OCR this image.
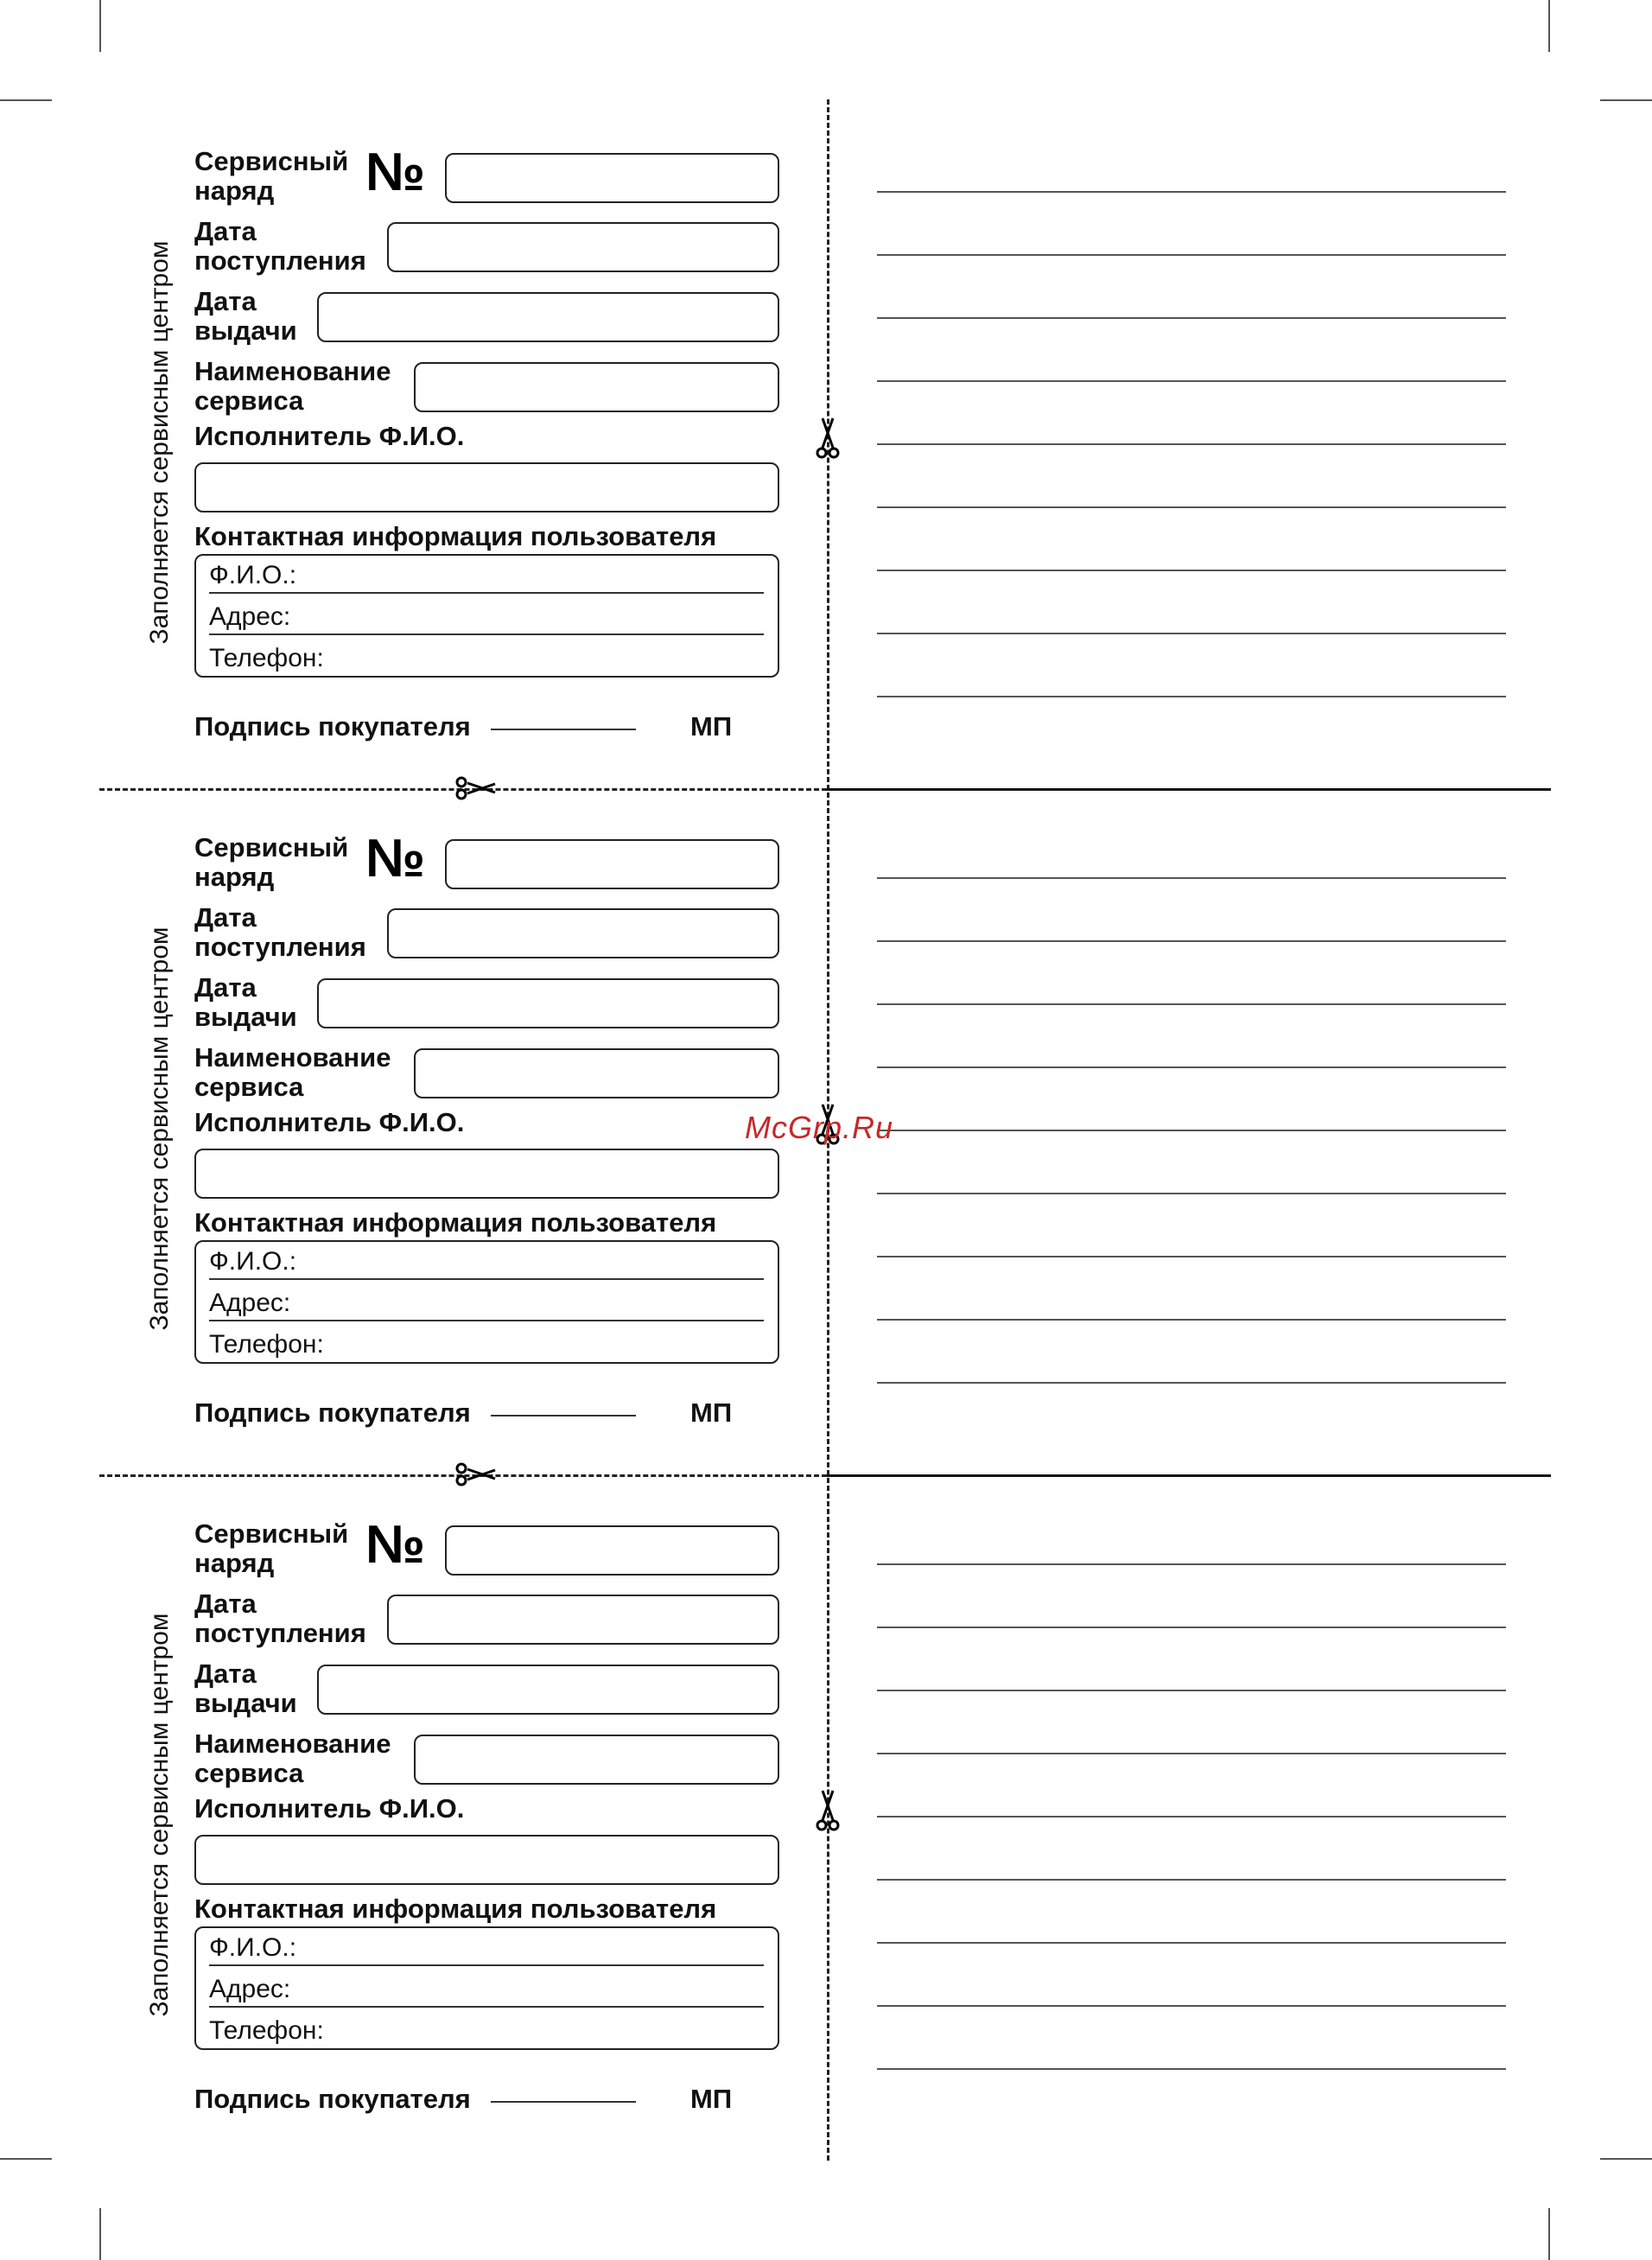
Заполняется сервисным центром
Сервисный
наряд	№
Дата
поступления
Дата
выдачи
Наименование
сервиса
Исполнитель Ф.И.О.
Контактная информация пользователя
Ф.И.О.:
Адрес:
Телефон:
Подпись покупателя	МП
Заполняется сервисным центром
Сервисный
наряд	№
Дата
поступления
Дата
выдачи
Наименование
сервиса
Исполнитель Ф.И.О.
Контактная информация пользователя
Ф.И.О.:
Адрес:
Телефон:
Подпись покупателя	МП
Заполняется сервисным центром
Сервисный
наряд	№
Дата
поступления
Дата
выдачи
Наименование
сервиса
Исполнитель Ф.И.О.
Контактная информация пользователя
Ф.И.О.:
Адрес:
Телефон:
Подпись покупателя	МП
McGrp.Ru
